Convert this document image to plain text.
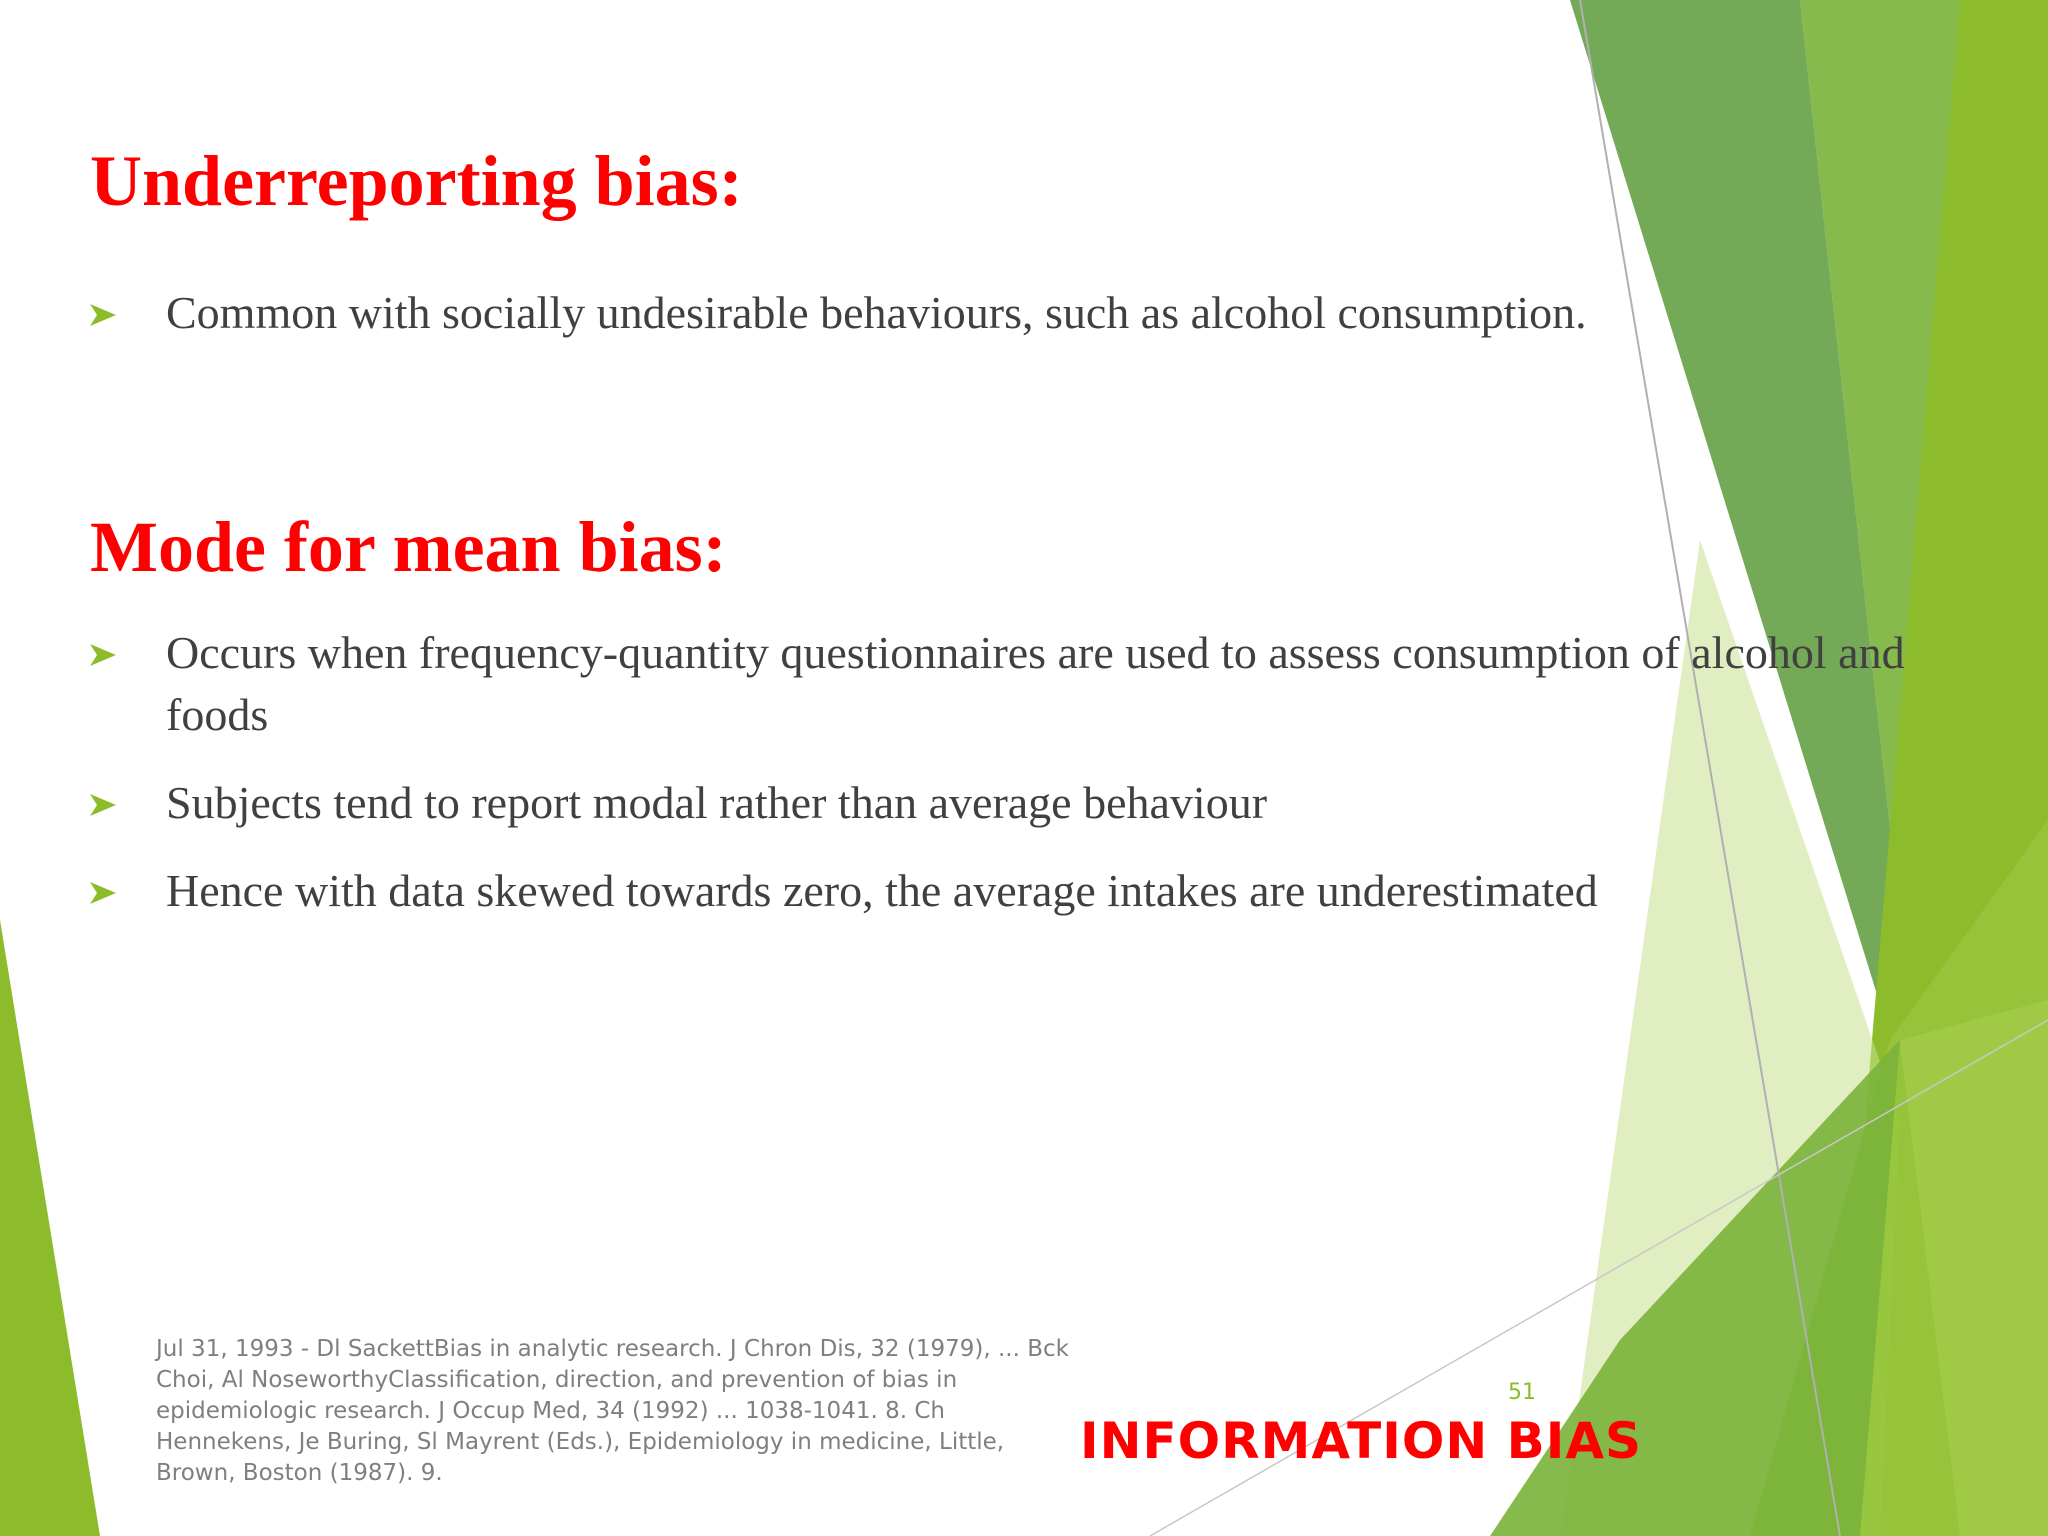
Underreporting bias:
Common with socially undesirable behaviours, such as alcohol consumption.
Mode for mean bias:
Occurs when frequency-quantity questionnaires are used to assess consumption of alcohol and foods
Subjects tend to report modal rather than average behaviour
Hence with data skewed towards zero, the average intakes are underestimated

Jul 31, 1993 - Dl SackettBias in analytic research. J Chron Dis, 32 (1979), ... Bck Choi, Al NoseworthyClassification, direction, and prevention of bias in epidemiologic research. J Occup Med, 34 (1992) ... 1038-1041. 8. Ch Hennekens, Je Buring, Sl Mayrent (Eds.), Epidemiology in medicine, Little, Brown, Boston (1987). 9.

51
INFORMATION BIAS
